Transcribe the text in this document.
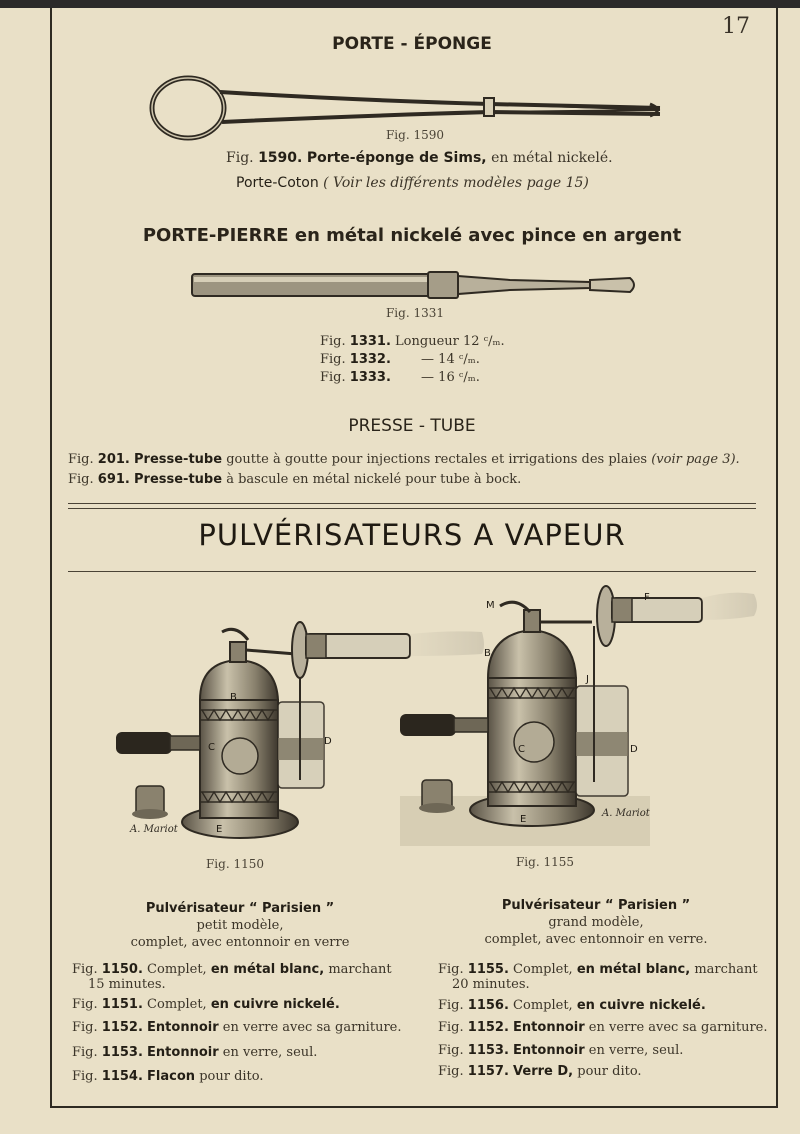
17
PORTE - ÉPONGE
Fig. 1590
Fig. 1590. Porte-éponge de Sims, en métal nickelé.
Porte-Coton ( Voir les différents modèles page 15)
PORTE-PIERRE en métal nickelé avec pince en argent
Fig. 1331
Fig. 1331. Longueur 12 ᶜ/ₘ.
Fig. 1332. — 14 ᶜ/ₘ.
Fig. 1333. — 16 ᶜ/ₘ.
PRESSE - TUBE
Fig. 201. Presse-tube goutte à goutte pour injections rectales et irrigations des plaies (voir page 3).
Fig. 691. Presse-tube à bascule en métal nickelé pour tube à bock.
PULVÉRISATEURS A VAPEUR
B
C
D
E
A. Mariot
M
F
B
J
C	D
E
A. Mariot
Fig. 1150	Fig. 1155
Pulvérisateur “ Parisien ”
petit modèle,
complet, avec entonnoir en verre
Pulvérisateur “ Parisien ”
grand modèle,
complet, avec entonnoir en verre.
Fig. 1150. Complet, en métal blanc, marchant
15 minutes.
Fig. 1151. Complet, en cuivre nickelé.
Fig. 1152. Entonnoir en verre avec sa garniture.
Fig. 1153. Entonnoir en verre, seul.
Fig. 1154. Flacon pour dito.
Fig. 1155. Complet, en métal blanc, marchant
20 minutes.
Fig. 1156. Complet, en cuivre nickelé.
Fig. 1152. Entonnoir en verre avec sa garniture.
Fig. 1153. Entonnoir en verre, seul.
Fig. 1157. Verre D, pour dito.
